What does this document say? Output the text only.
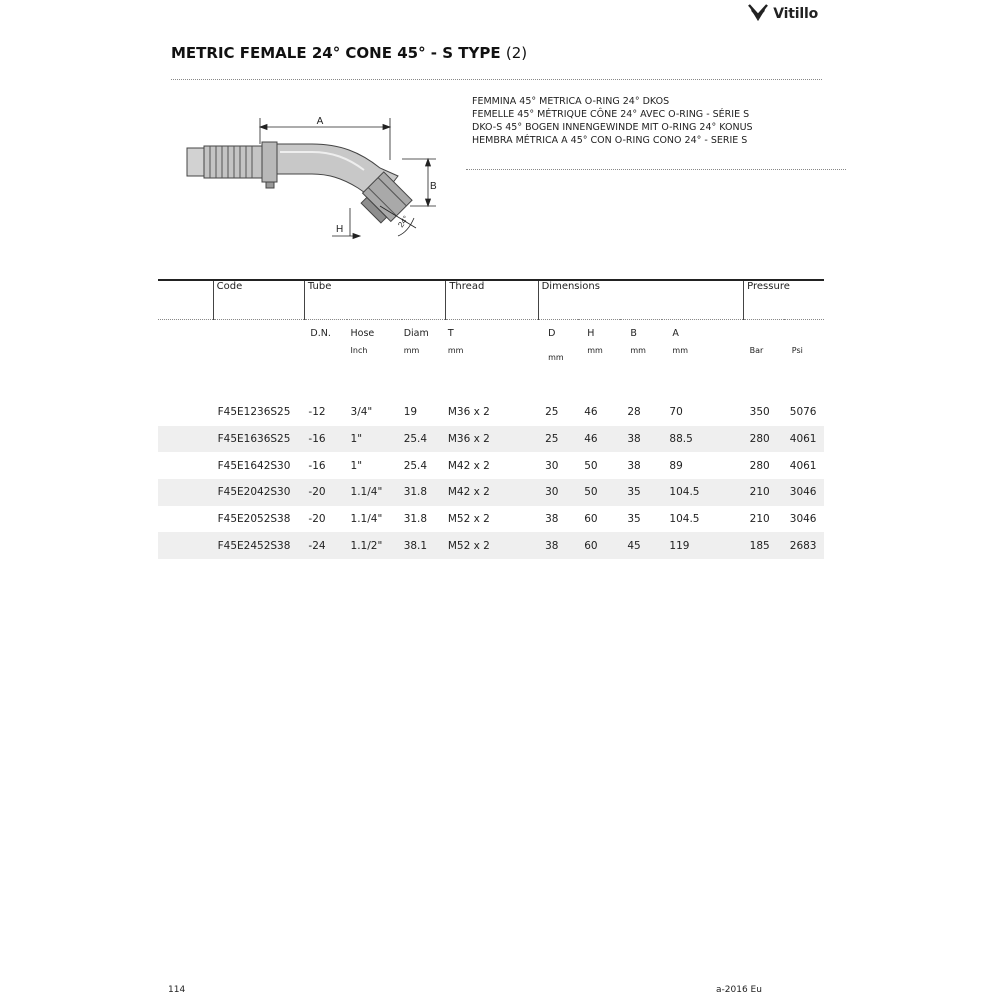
Vitillo
METRIC FEMALE 24° CONE 45° - S TYPE (2)
FEMMINA 45° METRICA O-RING 24° DKOS
FEMELLE 45° MÉTRIQUE CÔNE 24° AVEC O-RING - SÉRIE S
DKO-S 45° BOGEN INNENGEWINDE MIT O-RING 24° KONUS
HEMBRA MÉTRICA A 45° CON O-RING CONO 24° - SERIE S
A
B
H
24°
	Code	Tube			Thread	Dimensions				Pressure	
		D.N.	Hose	Diam	T	D	H	B	A		
			Inch	mm	mm	mm	mm	mm	mm	Bar	Psi

	F45E1236S25	-12	3/4"	19	M36 x 2	25	46	28	70	350	5076
	F45E1636S25	-16	1"	25.4	M36 x 2	25	46	38	88.5	280	4061
	F45E1642S30	-16	1"	25.4	M42 x 2	30	50	38	89	280	4061
	F45E2042S30	-20	1.1/4"	31.8	M42 x 2	30	50	35	104.5	210	3046
	F45E2052S38	-20	1.1/4"	31.8	M52 x 2	38	60	35	104.5	210	3046
	F45E2452S38	-24	1.1/2"	38.1	M52 x 2	38	60	45	119	185	2683
114	a-2016 Eu
